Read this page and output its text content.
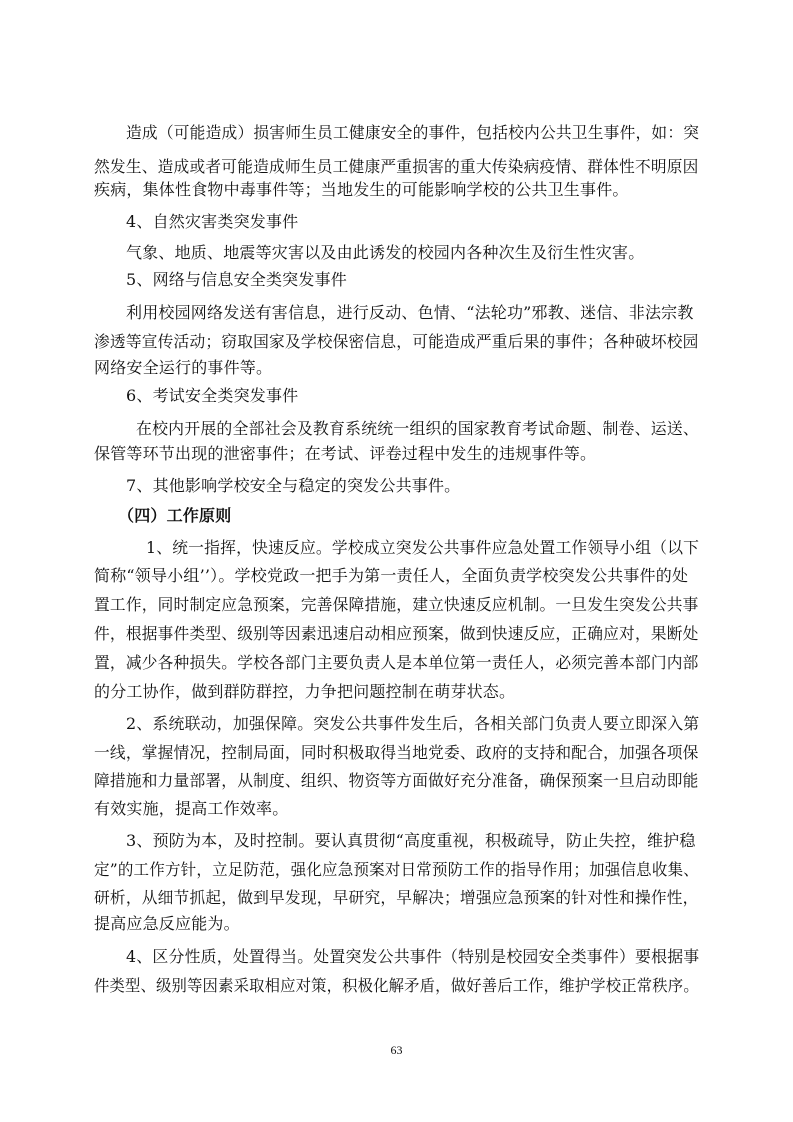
造成（可能造成）损害师生员工健康安全的事件，包括校内公共卫生事件，如：突
然发生、造成或者可能造成师生员工健康严重损害的重大传染病疫情、群体性不明原因
疾病，集体性食物中毒事件等；当地发生的可能影响学校的公共卫生事件。
4、自然灾害类突发事件
气象、地质、地震等灾害以及由此诱发的校园内各种次生及衍生性灾害。
5、网络与信息安全类突发事件
利用校园网络发送有害信息，进行反动、色情、“法轮功”邪教、迷信、非法宗教
渗透等宣传活动；窃取国家及学校保密信息，可能造成严重后果的事件；各种破坏校园
网络安全运行的事件等。
6、考试安全类突发事件
在校内开展的全部社会及教育系统统一组织的国家教育考试命题、制卷、运送、
保管等环节出现的泄密事件；在考试、评卷过程中发生的违规事件等。
7、其他影响学校安全与稳定的突发公共事件。
（四）工作原则
1、统一指挥，快速反应。学校成立突发公共事件应急处置工作领导小组（以下
简称“领导小组’’）。学校党政一把手为第一责任人，全面负责学校突发公共事件的处
置工作，同时制定应急预案，完善保障措施，建立快速反应机制。一旦发生突发公共事
件，根据事件类型、级别等因素迅速启动相应预案，做到快速反应，正确应对，果断处
置，减少各种损失。学校各部门主要负责人是本单位第一责任人，必须完善本部门内部
的分工协作，做到群防群控，力争把问题控制在萌芽状态。
2、系统联动，加强保障。突发公共事件发生后，各相关部门负责人要立即深入第
一线，掌握情况，控制局面，同时积极取得当地党委、政府的支持和配合，加强各项保
障措施和力量部署，从制度、组织、物资等方面做好充分准备，确保预案一旦启动即能
有效实施，提高工作效率。
3、预防为本，及时控制。要认真贯彻“高度重视，积极疏导，防止失控，维护稳
定”的工作方针，立足防范，强化应急预案对日常预防工作的指导作用；加强信息收集、
研析，从细节抓起，做到早发现，早研究，早解决；增强应急预案的针对性和操作性，
提高应急反应能为。
4、区分性质，处置得当。处置突发公共事件（特别是校园安全类事件）要根据事
件类型、级别等因素采取相应对策，积极化解矛盾，做好善后工作，维护学校正常秩序。
63
